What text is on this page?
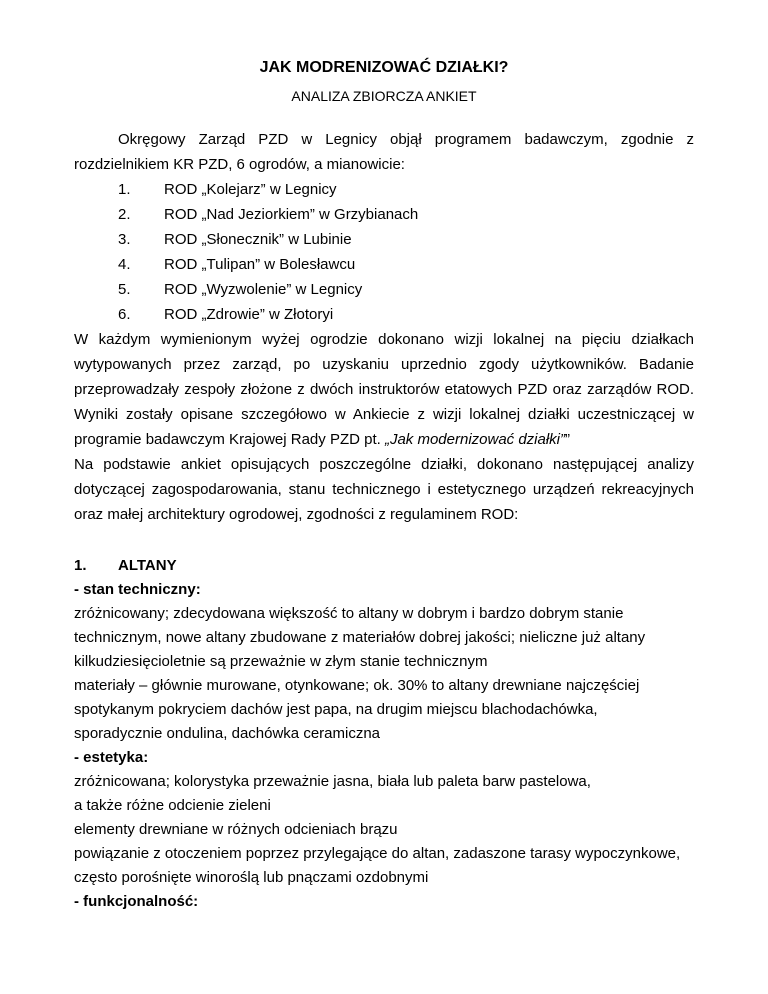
JAK MODRENIZOWAĆ DZIAŁKI?

ANALIZA ZBIORCZA ANKIET

Okręgowy Zarząd PZD w Legnicy objął programem badawczym, zgodnie z rozdzielnikiem KR PZD, 6 ogrodów, a mianowicie:

1.	ROD „Kolejarz” w Legnicy
2.	ROD „Nad Jeziorkiem” w Grzybianach
3.	ROD „Słonecznik” w Lubinie
4.	ROD „Tulipan” w Bolesławcu
5.	ROD „Wyzwolenie” w Legnicy
6.	ROD „Zdrowie” w Złotoryi

W każdym wymienionym wyżej ogrodzie dokonano wizji lokalnej na pięciu działkach wytypowanych przez zarząd, po uzyskaniu uprzednio zgody użytkowników. Badanie przeprowadzały zespoły złożone z dwóch instruktorów etatowych PZD oraz zarządów ROD. Wyniki zostały opisane szczegółowo w Ankiecie z wizji lokalnej działki uczestniczącej w programie badawczym Krajowej Rady PZD pt. „Jak modernizować działki””

Na podstawie ankiet opisujących poszczególne działki, dokonano następującej analizy dotyczącej zagospodarowania, stanu technicznego i estetycznego urządzeń rekreacyjnych oraz małej architektury ogrodowej, zgodności z regulaminem ROD:

1.	ALTANY

- stan techniczny:

zróżnicowany; zdecydowana większość to altany w dobrym i bardzo dobrym stanie

technicznym, nowe altany zbudowane z materiałów dobrej jakości; nieliczne już altany

kilkudziesięcioletnie są przeważnie w złym stanie technicznym

materiały – głównie murowane, otynkowane; ok. 30% to altany drewniane najczęściej

spotykanym pokryciem dachów jest papa, na drugim miejscu blachodachówka,

sporadycznie ondulina, dachówka ceramiczna

- estetyka:

zróżnicowana; kolorystyka przeważnie jasna, biała lub paleta barw pastelowa,

a także różne odcienie zieleni

elementy drewniane w różnych odcieniach brązu

powiązanie z otoczeniem poprzez przylegające do altan, zadaszone tarasy wypoczynkowe,

często porośnięte winoroślą lub pnączami ozdobnymi

- funkcjonalność:
